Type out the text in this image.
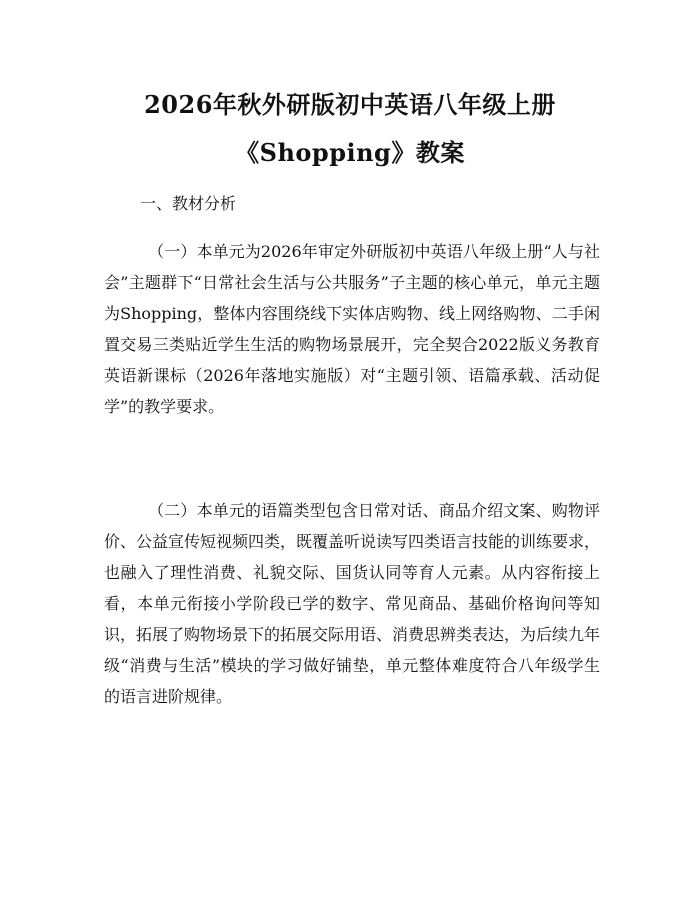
2026年秋外研版初中英语八年级上册
《Shopping》教案
一、教材分析

（一）本单元为2026年审定外研版初中英语八年级上册“人与社会”主题群下“日常社会生活与公共服务”子主题的核心单元，单元主题为Shopping，整体内容围绕线下实体店购物、线上网络购物、二手闲置交易三类贴近学生生活的购物场景展开，完全契合2022版义务教育英语新课标（2026年落地实施版）对“主题引领、语篇承载、活动促学”的教学要求。

（二）本单元的语篇类型包含日常对话、商品介绍文案、购物评价、公益宣传短视频四类，既覆盖听说读写四类语言技能的训练要求，也融入了理性消费、礼貌交际、国货认同等育人元素。从内容衔接上看，本单元衔接小学阶段已学的数字、常见商品、基础价格询问等知识，拓展了购物场景下的拓展交际用语、消费思辨类表达，为后续九年级“消费与生活”模块的学习做好铺垫，单元整体难度符合八年级学生的语言进阶规律。
